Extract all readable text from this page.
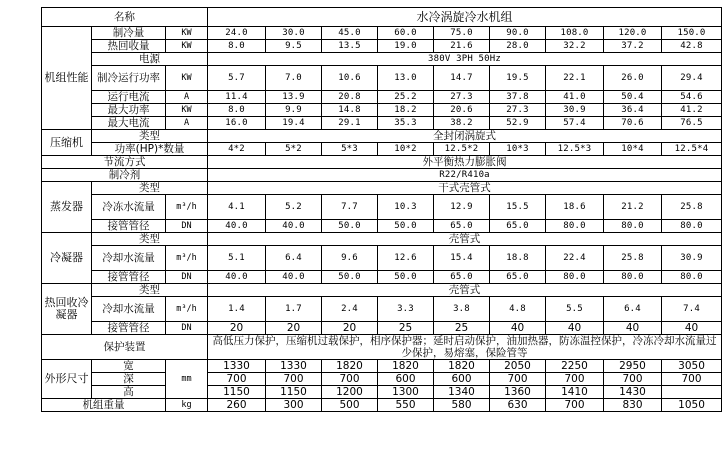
名称			水冷涡旋冷水机组								
机组性能	制冷量	KW	24.0	30.0	45.0	60.0	75.0	90.0	108.0	120.0	150.0
	热回收量	KW	8.0	9.5	13.5	19.0	21.6	28.0	32.2	37.2	42.8
	电源		380V 3PH 50Hz								
	制冷运行功率	KW	5.7	7.0	10.6	13.0	14.7	19.5	22.1	26.0	29.4
	运行电流	A	11.4	13.9	20.8	25.2	27.3	37.8	41.0	50.4	54.6
	最大功率	KW	8.0	9.9	14.8	18.2	20.6	27.3	30.9	36.4	41.2
	最大电流	A	16.0	19.4	29.1	35.3	38.2	52.9	57.4	70.6	76.5
压缩机	类型		全封闭涡旋式								
	功率(HP)*数量		4*2	5*2	5*3	10*2	12.5*2	10*3	12.5*3	10*4	12.5*4
节流方式			外平衡热力膨胀阀								
制冷剂			R22/R410a								
蒸发器	类型		干式壳管式								
	冷冻水流量	m³/h	4.1	5.2	7.7	10.3	12.9	15.5	18.6	21.2	25.8
	接管管径	DN	40.0	40.0	50.0	50.0	65.0	65.0	80.0	80.0	80.0
冷凝器	类型		壳管式								
	冷却水流量	m³/h	5.1	6.4	9.6	12.6	15.4	18.8	22.4	25.8	30.9
	接管管径	DN	40.0	40.0	50.0	50.0	65.0	65.0	80.0	80.0	80.0
热回收冷凝器	类型		壳管式								
	冷却水流量	m³/h	1.4	1.7	2.4	3.3	3.8	4.8	5.5	6.4	7.4
	接管管径	DN	20	20	20	25	25	40	40	40	40
保护装置			高低压力保护，压缩机过载保护，相序保护器；延时启动保护，油加热器，防冻温控保护，冷冻冷却水流量过少保护，易熔塞，保险管等								
外形尺寸	宽	mm	1330	1330	1820	1820	1820	2050	2250	2950	3050
	深		700	700	700	600	600	700	700	700	700
	高		1150	1150	1200	1300	1340	1360	1410	1430	
机组重量		kg	260	300	500	550	580	630	700	830	1050
